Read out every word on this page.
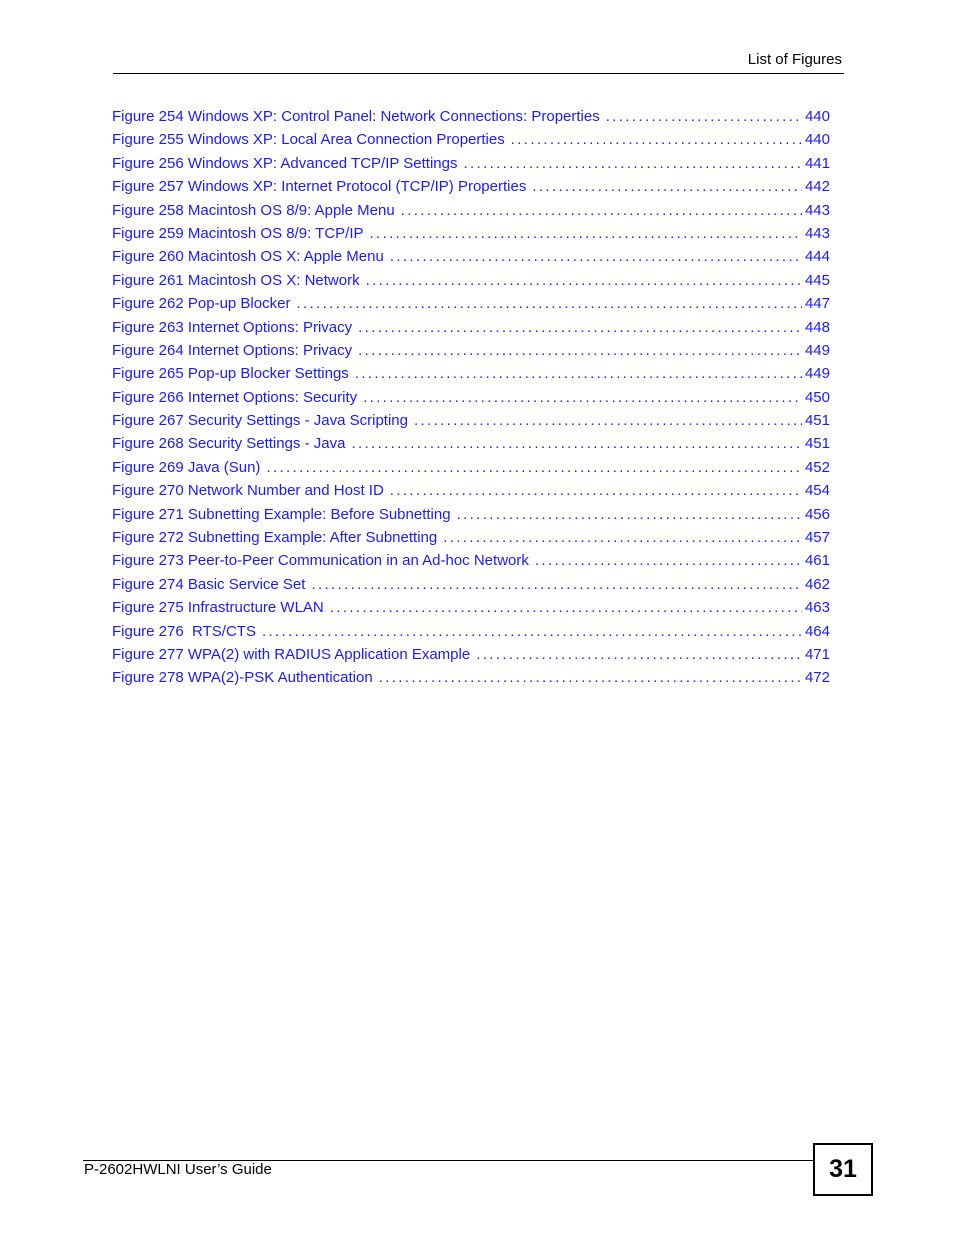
List of Figures
Figure 254 Windows XP: Control Panel: Network Connections: Properties . . .	440
Figure 255 Windows XP: Local Area Connection Properties . . .	440
Figure 256 Windows XP: Advanced TCP/IP Settings . . .	441
Figure 257 Windows XP: Internet Protocol (TCP/IP) Properties . . .	442
Figure 258 Macintosh OS 8/9: Apple Menu . . .	443
Figure 259 Macintosh OS 8/9: TCP/IP . . .	443
Figure 260 Macintosh OS X: Apple Menu . . .	444
Figure 261 Macintosh OS X: Network . . .	445
Figure 262 Pop-up Blocker . . .	447
Figure 263 Internet Options: Privacy . . .	448
Figure 264 Internet Options: Privacy . . .	449
Figure 265 Pop-up Blocker Settings . . .	449
Figure 266 Internet Options: Security . . .	450
Figure 267 Security Settings - Java Scripting . . .	451
Figure 268 Security Settings - Java . . .	451
Figure 269 Java (Sun) . . .	452
Figure 270 Network Number and Host ID . . .	454
Figure 271 Subnetting Example: Before Subnetting . . .	456
Figure 272 Subnetting Example: After Subnetting . . .	457
Figure 273 Peer-to-Peer Communication in an Ad-hoc Network . . .	461
Figure 274 Basic Service Set . . .	462
Figure 275 Infrastructure WLAN . . .	463
Figure 276  RTS/CTS . . .	464
Figure 277 WPA(2) with RADIUS Application Example . . .	471
Figure 278 WPA(2)-PSK Authentication . . .	472
P-2602HWLNI User’s Guide	31
